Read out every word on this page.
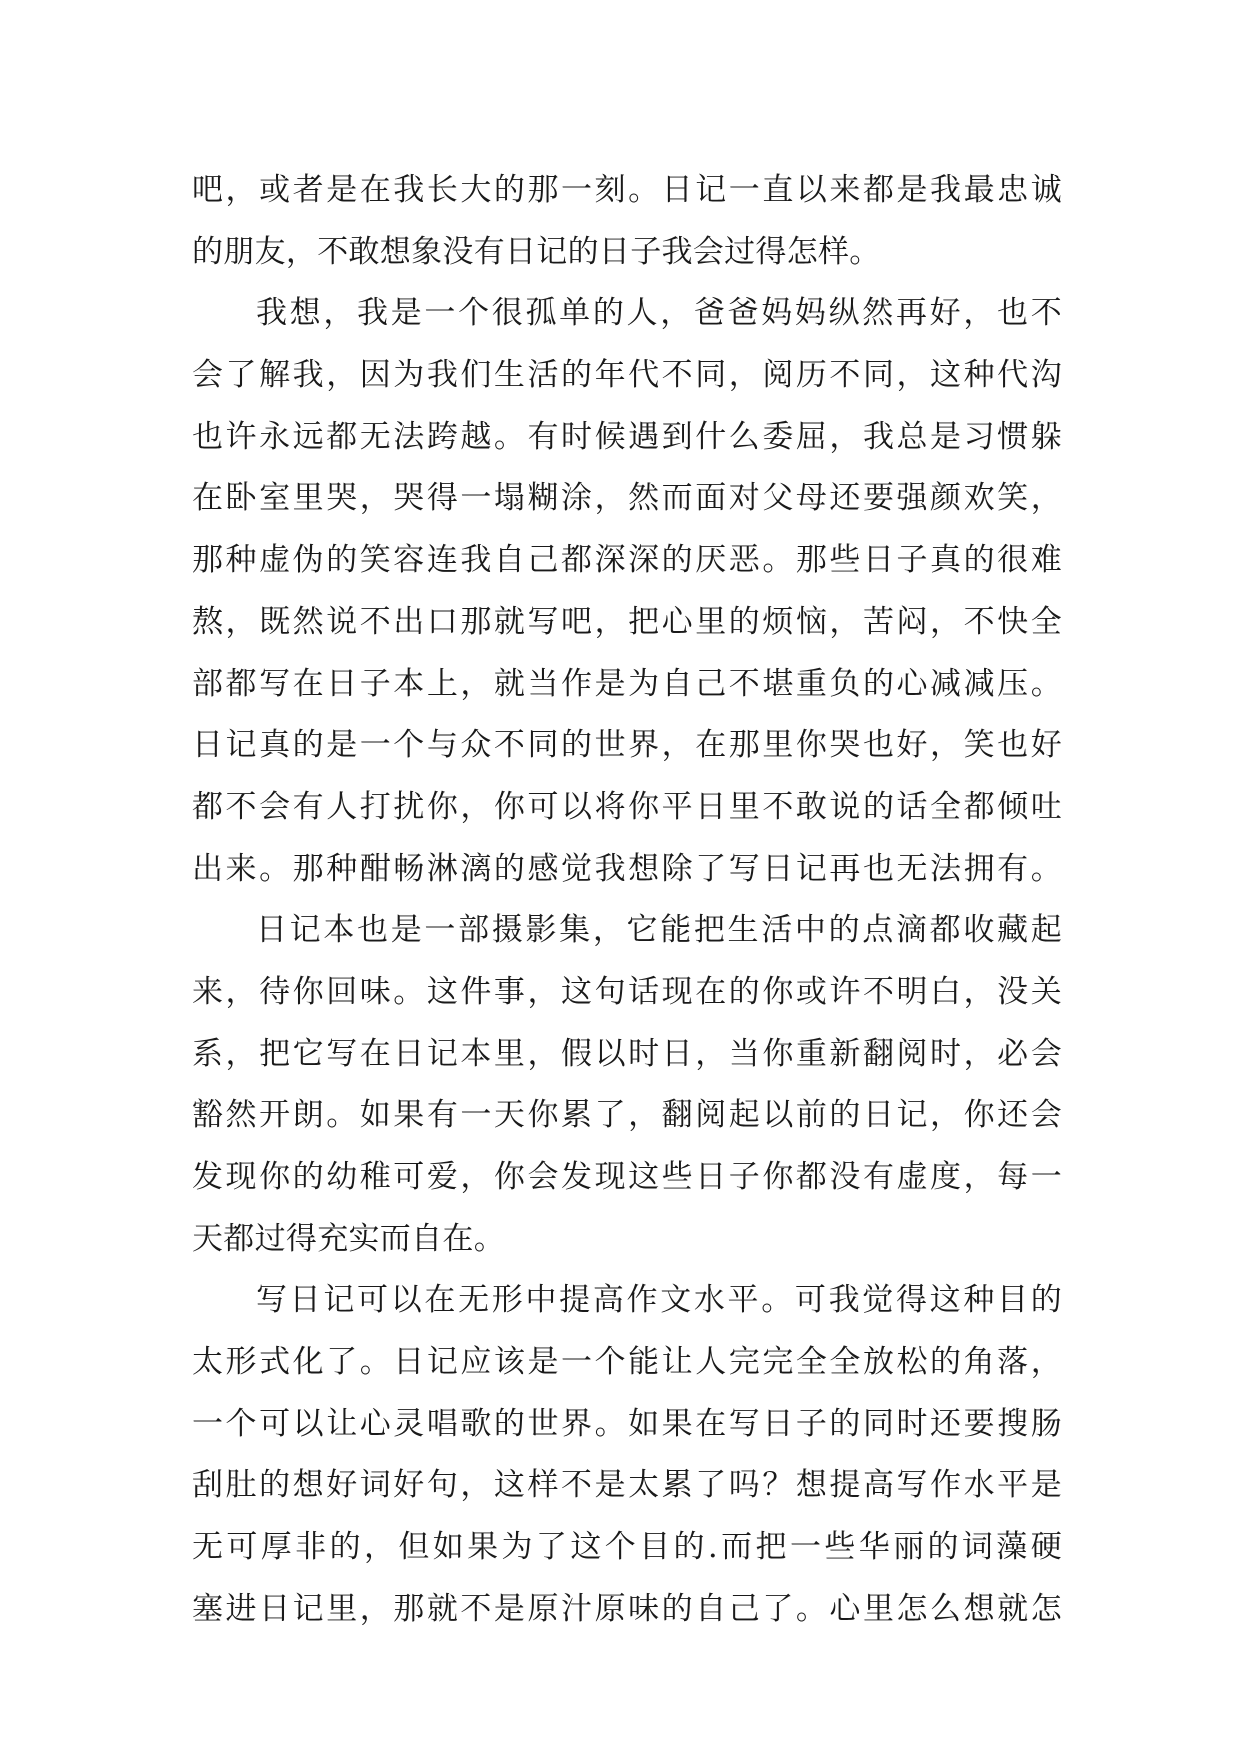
吧，或者是在我长大的那一刻。日记一直以来都是我最忠诚
的朋友，不敢想象没有日记的日子我会过得怎样。
我想，我是一个很孤单的人，爸爸妈妈纵然再好，也不
会了解我，因为我们生活的年代不同，阅历不同，这种代沟
也许永远都无法跨越。有时候遇到什么委屈，我总是习惯躲
在卧室里哭，哭得一塌糊涂，然而面对父母还要强颜欢笑，
那种虚伪的笑容连我自己都深深的厌恶。那些日子真的很难
熬，既然说不出口那就写吧，把心里的烦恼，苦闷，不快全
部都写在日子本上，就当作是为自己不堪重负的心减减压。
日记真的是一个与众不同的世界，在那里你哭也好，笑也好
都不会有人打扰你，你可以将你平日里不敢说的话全都倾吐
出来。那种酣畅淋漓的感觉我想除了写日记再也无法拥有。
日记本也是一部摄影集，它能把生活中的点滴都收藏起
来，待你回味。这件事，这句话现在的你或许不明白，没关
系，把它写在日记本里，假以时日，当你重新翻阅时，必会
豁然开朗。如果有一天你累了，翻阅起以前的日记，你还会
发现你的幼稚可爱，你会发现这些日子你都没有虚度，每一
天都过得充实而自在。
写日记可以在无形中提高作文水平。可我觉得这种目的
太形式化了。日记应该是一个能让人完完全全放松的角落，
一个可以让心灵唱歌的世界。如果在写日子的同时还要搜肠
刮肚的想好词好句，这样不是太累了吗？想提高写作水平是
无可厚非的，但如果为了这个目的.而把一些华丽的词藻硬
塞进日记里，那就不是原汁原味的自己了。心里怎么想就怎
